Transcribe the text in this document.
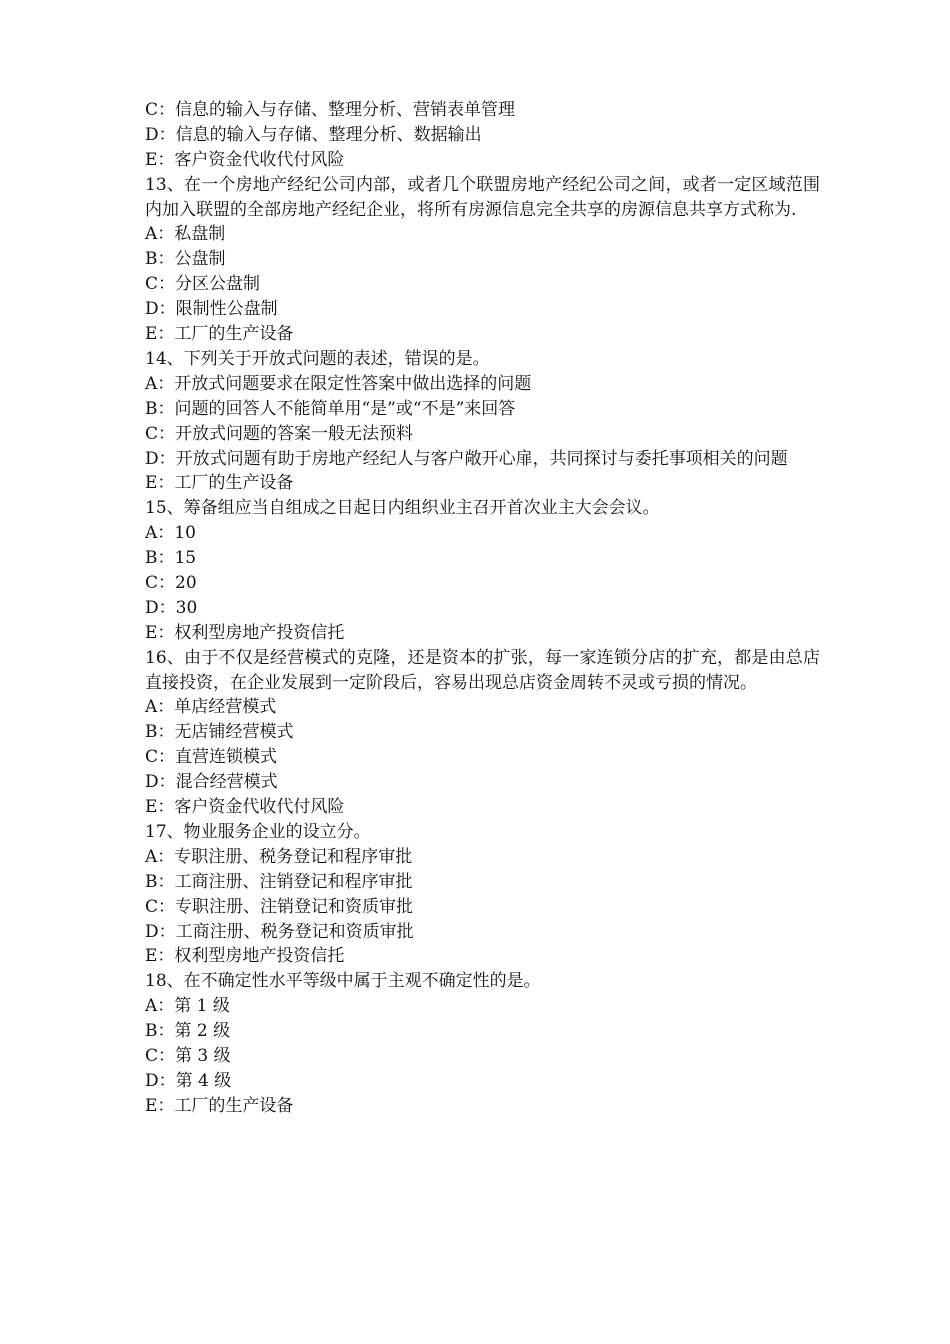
C：信息的输入与存储、整理分析、营销表单管理
D：信息的输入与存储、整理分析、数据输出
E：客户资金代收代付风险
13、在一个房地产经纪公司内部，或者几个联盟房地产经纪公司之间，或者一定区域范围内加入联盟的全部房地产经纪企业，将所有房源信息完全共享的房源信息共享方式称为.
A：私盘制
B：公盘制
C：分区公盘制
D：限制性公盘制
E：工厂的生产设备
14、下列关于开放式问题的表述，错误的是。
A：开放式问题要求在限定性答案中做出选择的问题
B：问题的回答人不能简单用“是”或“不是”来回答
C：开放式问题的答案一般无法预料
D：开放式问题有助于房地产经纪人与客户敞开心扉，共同探讨与委托事项相关的问题
E：工厂的生产设备
15、筹备组应当自组成之日起日内组织业主召开首次业主大会会议。
A：10
B：15
C：20
D：30
E：权利型房地产投资信托
16、由于不仅是经营模式的克隆，还是资本的扩张，每一家连锁分店的扩充，都是由总店直接投资，在企业发展到一定阶段后，容易出现总店资金周转不灵或亏损的情况。
A：单店经营模式
B：无店铺经营模式
C：直营连锁模式
D：混合经营模式
E：客户资金代收代付风险
17、物业服务企业的设立分。
A：专职注册、税务登记和程序审批
B：工商注册、注销登记和程序审批
C：专职注册、注销登记和资质审批
D：工商注册、税务登记和资质审批
E：权利型房地产投资信托
18、在不确定性水平等级中属于主观不确定性的是。
A：第 1 级
B：第 2 级
C：第 3 级
D：第 4 级
E：工厂的生产设备
